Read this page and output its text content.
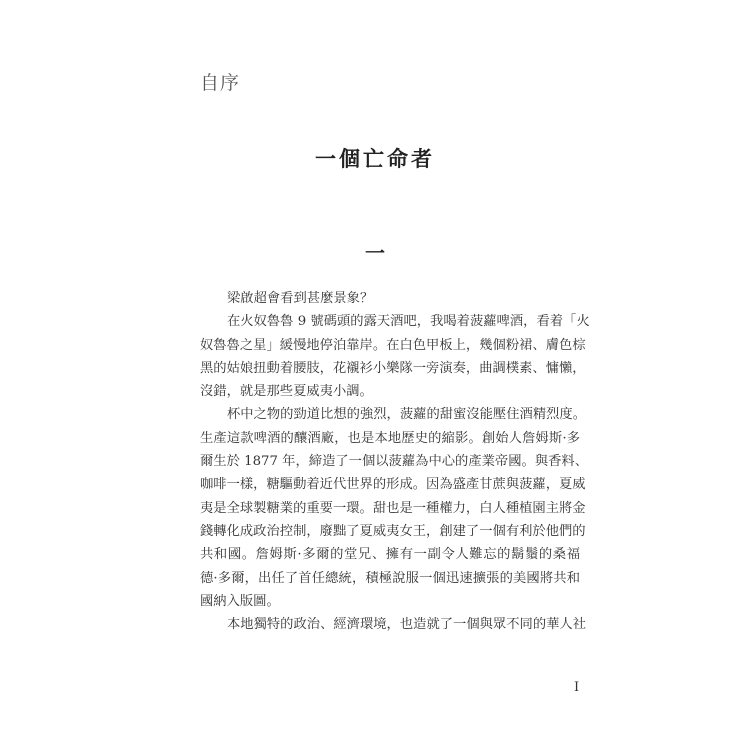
自序
一個亡命者
一
梁啟超會看到甚麼景象？
在火奴魯魯 9 號碼頭的露天酒吧，我喝着菠蘿啤酒，看着「火
奴魯魯之星」緩慢地停泊靠岸。在白色甲板上，幾個粉裙、膚色棕
黑的姑娘扭動着腰肢，花襯衫小樂隊一旁演奏，曲調樸素、慵懶，
沒錯，就是那些夏威夷小調。
杯中之物的勁道比想的強烈，菠蘿的甜蜜沒能壓住酒精烈度。
生產這款啤酒的釀酒廠，也是本地歷史的縮影。創始人詹姆斯·多
爾生於 1877 年，締造了一個以菠蘿為中心的產業帝國。與香料、
咖啡一樣，糖驅動着近代世界的形成。因為盛產甘蔗與菠蘿，夏威
夷是全球製糖業的重要一環。甜也是一種權力，白人種植園主將金
錢轉化成政治控制，廢黜了夏威夷女王，創建了一個有利於他們的
共和國。詹姆斯·多爾的堂兄、擁有一副令人難忘的鬍鬚的桑福
德·多爾，出任了首任總統，積極說服一個迅速擴張的美國將共和
國納入版圖。
本地獨特的政治、經濟環境，也造就了一個與眾不同的華人社
I
